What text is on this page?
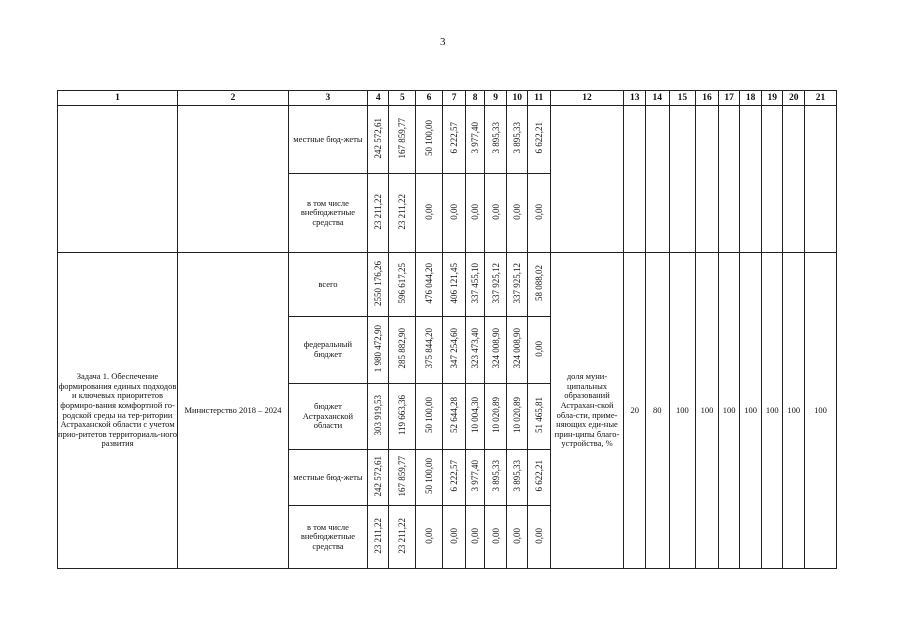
3
1	2	3	4	5	6	7	8	9	10	11	12	13	14	15	16	17	18	19	20	21
		местные бюд-жеты	242 572,61	167 859,77	50 100,00	6 222,57	3 977,40	3 895,33	3 895,33	6 622,21										
		в том числе внебюджетные средства	23 211,22	23 211,22	0,00	0,00	0,00	0,00	0,00	0,00										
Задача 1. Обеспечение формирования единых подходов и ключевых приоритетов формиро-вания комфортной го-родской среды на тер-ритории Астраханской области с учетом прио-ритетов территориаль-ного развития	Министерство 2018 – 2024	всего	2550 176,26	596 617,25	476 044,20	406 121,45	337 455,10	337 925,12	337 925,12	58 088,02	доля муни-ципальных образований Астрахан-ской обла-сти, приме-няющих еди-ные прин-ципы благо-устройства, %	20	80	100	100	100	100	100	100	100
		федеральный бюджет	1 980 472,90	285 882,90	375 844,20	347 254,60	323 473,40	324 008,90	324 008,90	0,00										
		бюджет Астраханской области	303 919,53	119 663,36	50 100,00	52 644,28	10 004,30	10 020,89	10 020,89	51 465,81										
		местные бюд-жеты	242 572,61	167 859,77	50 100,00	6 222,57	3 977,40	3 895,33	3 895,33	6 622,21										
		в том числе внебюджетные средства	23 211,22	23 211,22	0,00	0,00	0,00	0,00	0,00	0,00										
